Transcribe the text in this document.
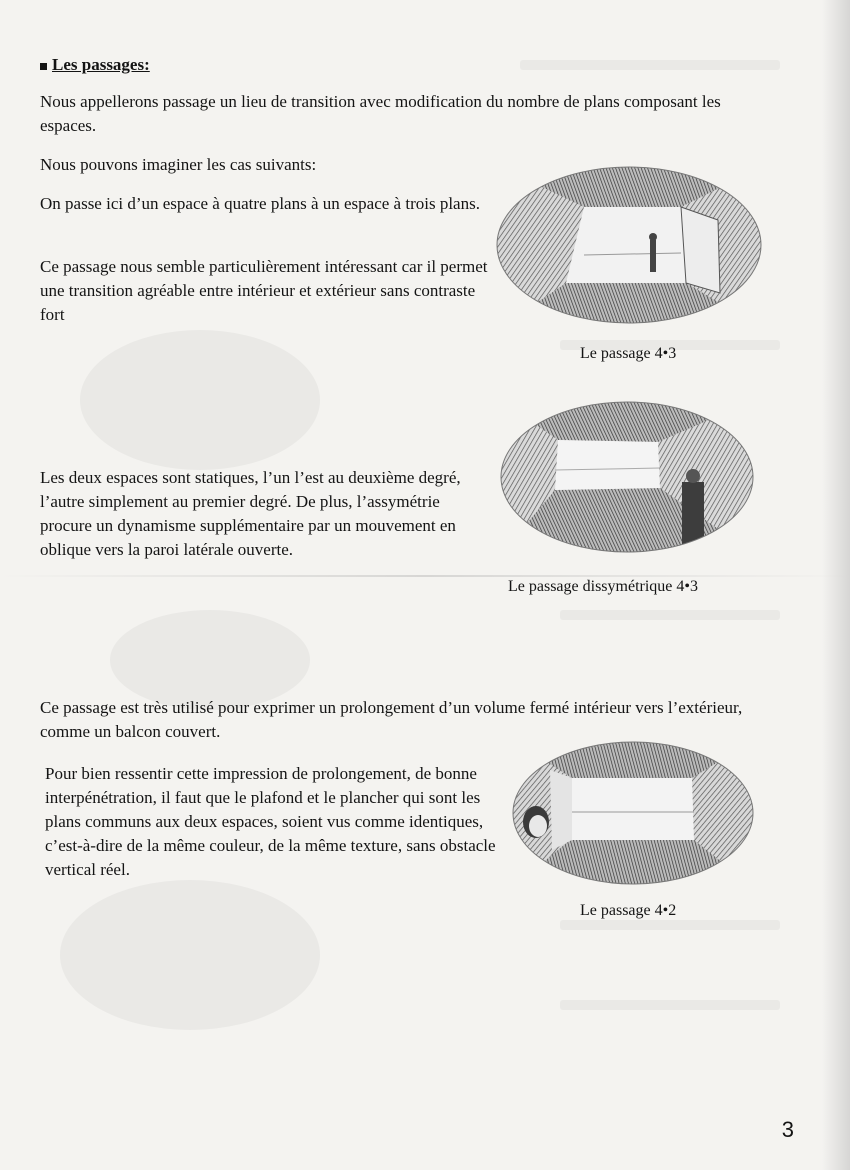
Les passages:

Nous appellerons passage un lieu de transition avec modification du nombre de plans composant les espaces.

Nous pouvons imaginer les cas suivants:

On passe ici d’un espace à quatre plans à un espace à trois plans.

Ce passage nous semble particulièrement intéressant car il permet une transition agréable entre intérieur et extérieur sans contraste fort

Le passage 4•3

Les deux espaces sont statiques, l’un l’est au deuxième degré, l’autre simplement au premier degré. De plus, l’assymétrie procure un dynamisme supplémentaire par un mouvement en oblique vers la paroi latérale ouverte.

Le passage dissymétrique 4•3

Ce passage est très utilisé pour exprimer un prolongement d’un volume fermé intérieur vers l’extérieur, comme un balcon couvert.

Pour bien ressentir cette impression de prolongement, de bonne interpénétration, il faut que le plafond et le plancher qui sont les plans communs aux deux espaces, soient vus comme identiques, c’est-à-dire de la même couleur, de la même texture, sans obstacle vertical réel.

Le passage 4•2
3
